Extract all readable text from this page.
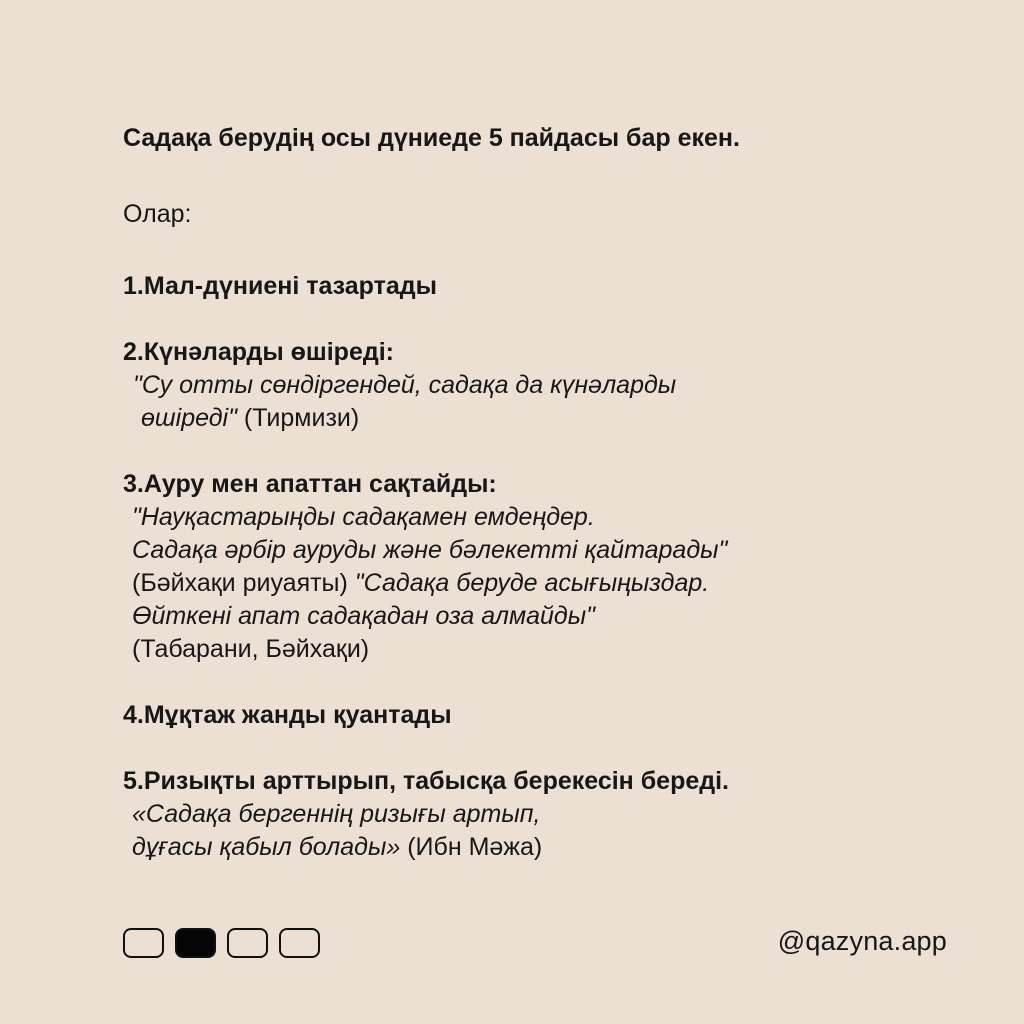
Садақа берудің осы дүниеде 5 пайдасы бар екен.
Олар:
1.Мал-дүниені тазартады
2.Күнәларды өшіреді:
"Су отты сөндіргендей, садақа да күнәларды
өшіреді" (Тирмизи)
3.Ауру мен апаттан сақтайды:
"Науқастарыңды садақамен емдеңдер.
Садақа әрбір ауруды және бәлекетті қайтарады"
(Бәйхақи риуаяты) "Садақа беруде асығыңыздар.
Өйткені апат садақадан оза алмайды"
(Табарани, Бәйхақи)
4.Мұқтаж жанды қуантады
5.Ризықты арттырып, табысқа берекесін береді.
«Садақа бергеннің ризығы артып,
дұғасы қабыл болады» (Ибн Мәжа)
@qazyna.app
